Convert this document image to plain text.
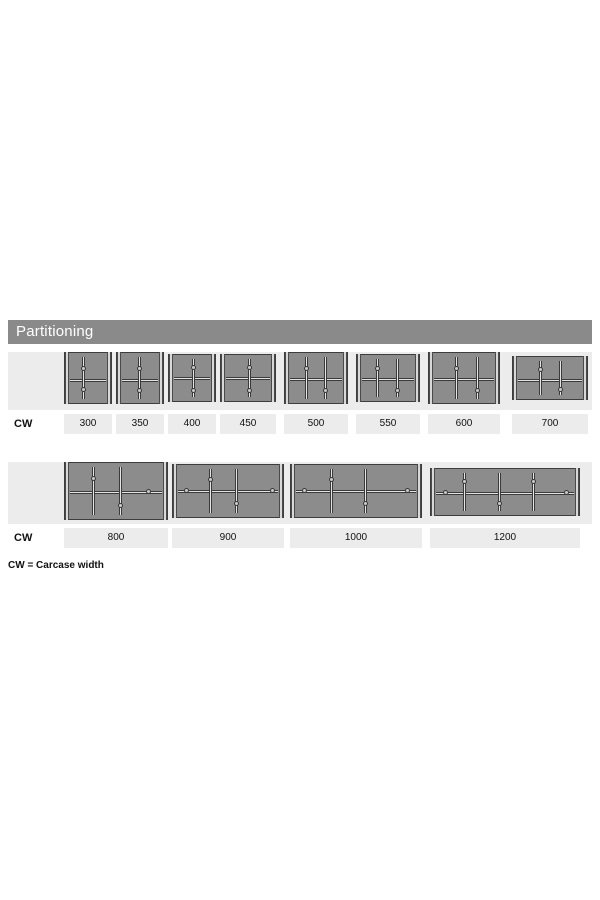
Partitioning
CW	300	350	400	450	500	550	600	700
CW	800	900	1000	1200
CW = Carcase width
